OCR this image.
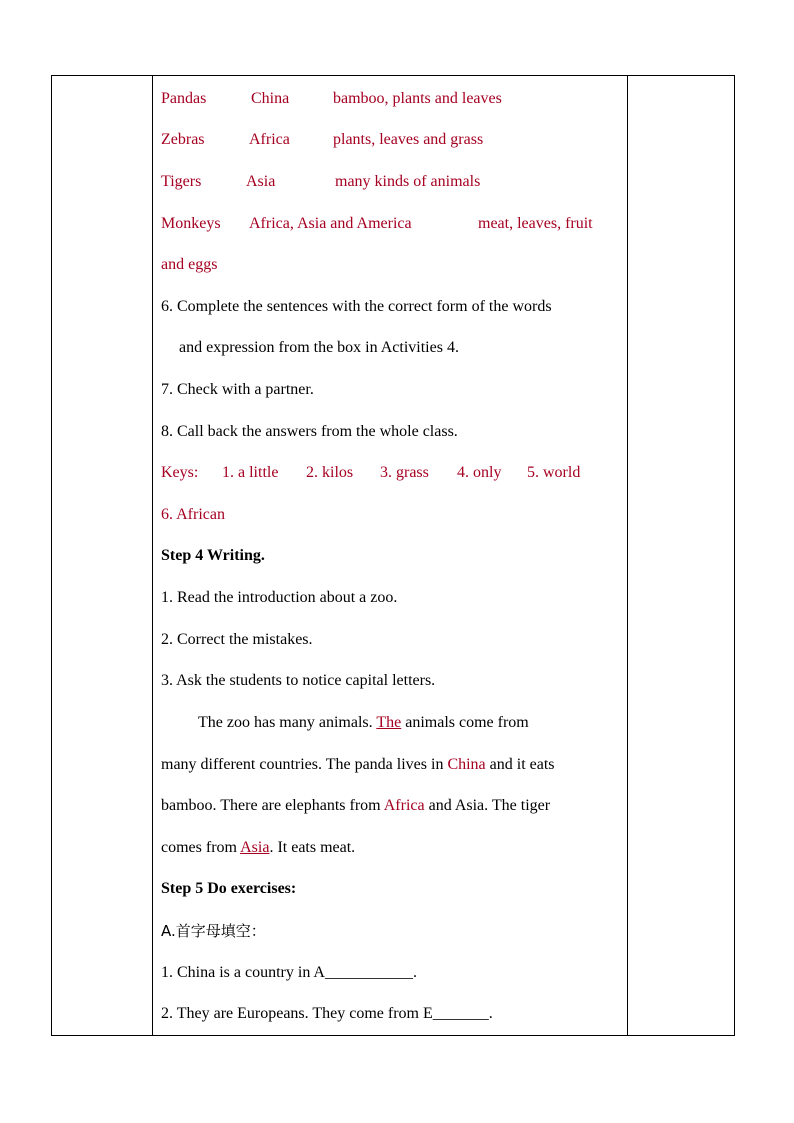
Pandas	China	bamboo, plants and leaves
Zebras	Africa	plants, leaves and grass
Tigers	Asia	many kinds of animals
Monkeys Africa, Asia and America	meat, leaves, fruit
and eggs
6. Complete the sentences with the correct form of the words
and expression from the box in Activities 4.
7. Check with a partner.
8. Call back the answers from the whole class.
Keys: 1. a little 2. kilos 3. grass 4. only 5. world
6. African
Step 4 Writing.
1. Read the introduction about a zoo.
2. Correct the mistakes.
3. Ask the students to notice capital letters.
The zoo has many animals. The animals come from
many different countries. The panda lives in China and it eats
bamboo. There are elephants from Africa and Asia. The tiger
comes from Asia. It eats meat.
Step 5 Do exercises:
A.首字母填空：
1. China is a country in A___________.
2. They are Europeans. They come from E_______.
